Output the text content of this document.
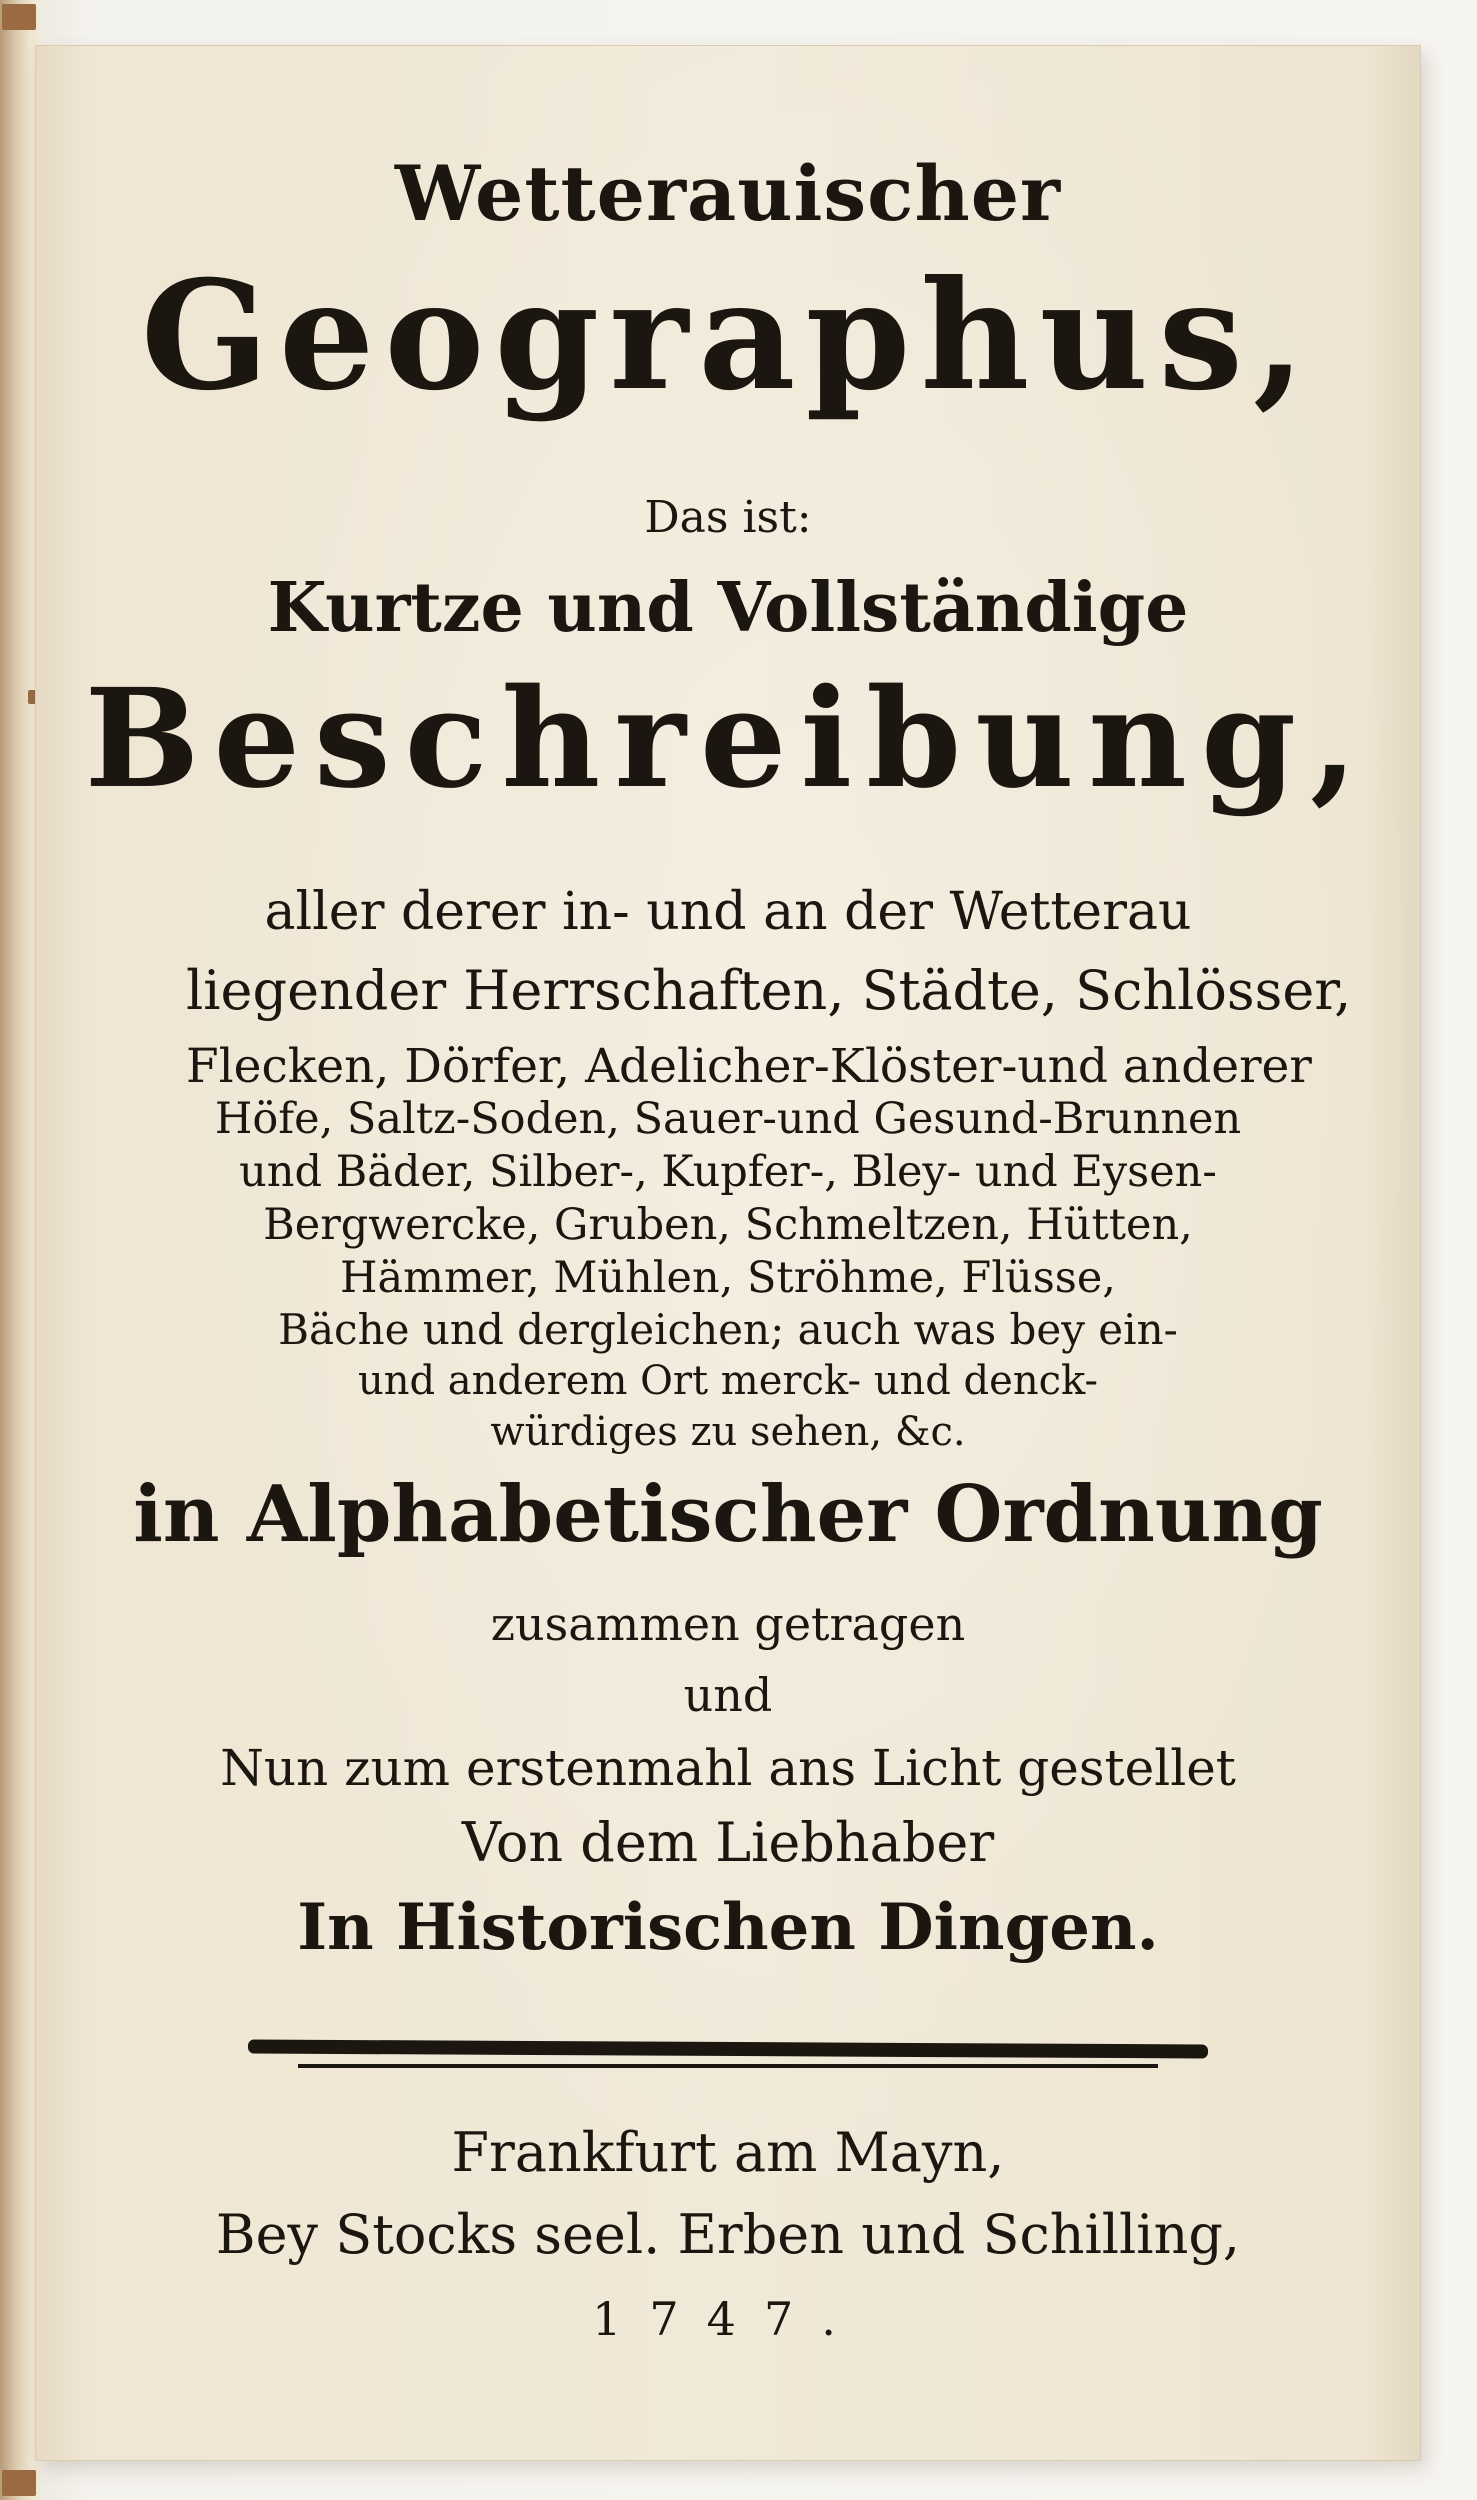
Wetterauischer

Geographus,

Das ist:

Kurtze und Vollständige

Beschreibung,

aller derer in- und an der Wetterau

liegender Herrschaften, Städte, Schlösser,

Flecken, Dörfer, Adelicher-Klöster-und anderer

Höfe, Saltz-Soden, Sauer-und Gesund-Brunnen

und Bäder, Silber-, Kupfer-, Bley- und Eysen-

Bergwercke, Gruben, Schmeltzen, Hütten,

Hämmer, Mühlen, Ströhme, Flüsse,

Bäche und dergleichen; auch was bey ein-

und anderem Ort merck- und denck-

würdiges zu sehen, &c.

in Alphabetischer Ordnung

zusammen getragen

und

Nun zum erstenmahl ans Licht gestellet

Von dem Liebhaber

In Historischen Dingen.

Frankfurt am Mayn,

Bey Stocks seel. Erben und Schilling,

1747.
